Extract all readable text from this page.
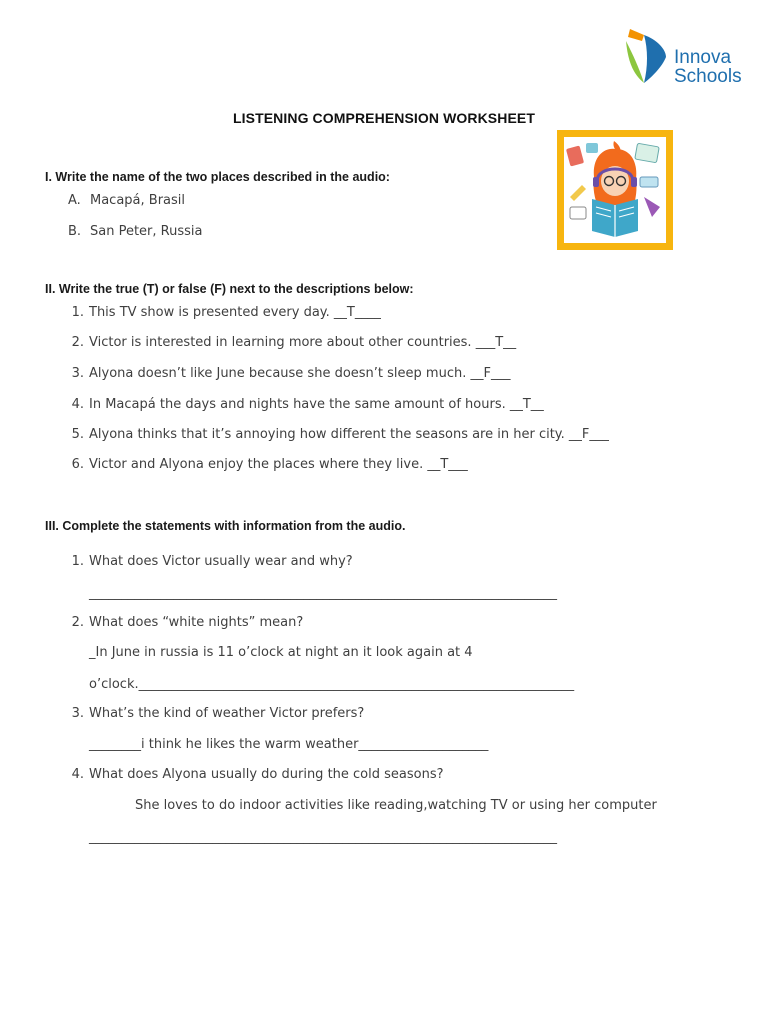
Innova
Schools
LISTENING COMPREHENSION WORKSHEET
I. Write the name of the two places described in the audio:
A. Macapá, Brasil
B. San Peter, Russia
II. Write the true (T) or false (F) next to the descriptions below:
1. This TV show is presented every day. __T____
2. Victor is interested in learning more about other countries. ___T__
3. Alyona doesn’t like June because she doesn’t sleep much. __F___
4. In Macapá the days and nights have the same amount of hours. __T__
5. Alyona thinks that it’s annoying how different the seasons are in her city. __F___
6. Victor and Alyona enjoy the places where they live. __T___
III. Complete the statements with information from the audio.
1. What does Victor usually wear and why?
________________________________________________________________________
2. What does “white nights” mean?
_In June in russia is 11 o’clock at night an it look again at 4
o’clock.___________________________________________________________________
3. What’s the kind of weather Victor prefers?
________i think he likes the warm weather____________________
4. What does Alyona usually do during the cold seasons?
She loves to do indoor activities like reading,watching TV or using her computer
________________________________________________________________________
